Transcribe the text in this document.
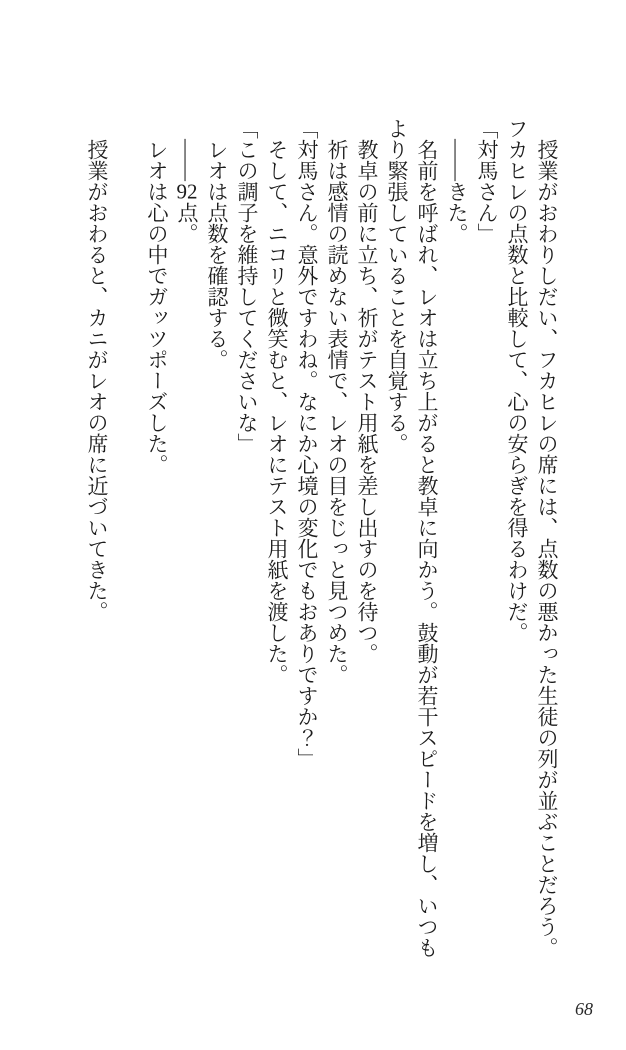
授業がおわりしだい、フカヒレの席には、点数の悪かった生徒の列が並ぶことだろう。フカヒレの点数と比較して、心の安らぎを得るわけだ。

「対馬さん」

――きた。

名前を呼ばれ、レオは立ち上がると教卓に向かう。鼓動が若干スピードを増し、いつもより緊張していることを自覚する。

教卓の前に立ち、祈がテスト用紙を差し出すのを待つ。

祈は感情の読めない表情で、レオの目をじっと見つめた。

「対馬さん。意外ですわね。なにか心境の変化でもおありですか？」

そして、ニコリと微笑むと、レオにテスト用紙を渡した。

「この調子を維持してくださいな」

レオは点数を確認する。

――92点。

レオは心の中でガッツポーズした。

授業がおわると、カニがレオの席に近づいてきた。

68
